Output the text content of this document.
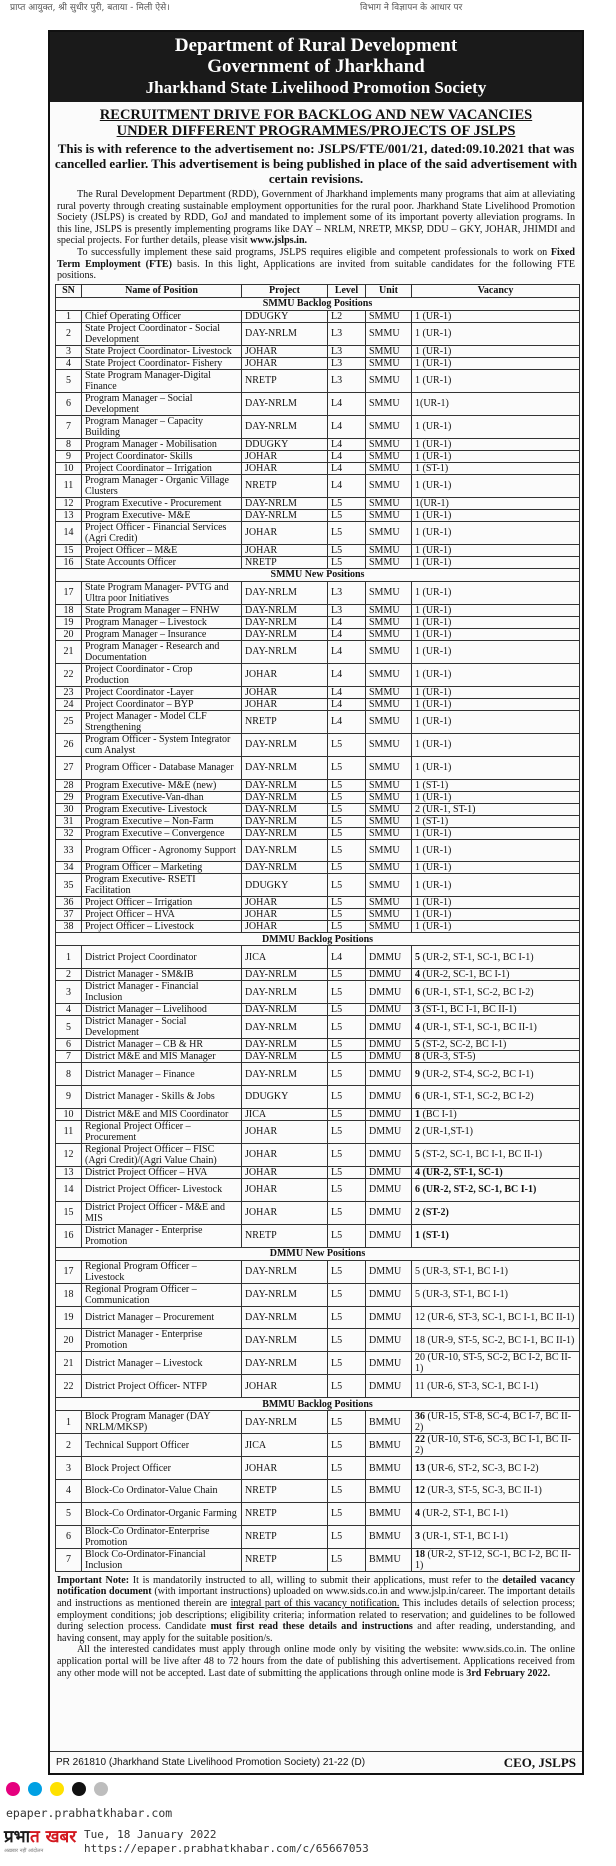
प्राप्त आयुक्त, श्री सुधीर पुरी, बताया - मिली ऐसे।	विभाग ने विज्ञापन के आधार पर
Department of Rural Development
Government of Jharkhand
Jharkhand State Livelihood Promotion Society
RECRUITMENT DRIVE FOR BACKLOG AND NEW VACANCIES
UNDER DIFFERENT PROGRAMMES/PROJECTS OF JSLPS
This is with reference to the advertisement no: JSLPS/FTE/001/21, dated:09.10.2021 that was cancelled earlier. This advertisement is being published in place of the said advertisement with certain revisions.

The Rural Development Department (RDD), Government of Jharkhand implements many programs that aim at alleviating rural poverty through creating sustainable employment opportunities for the rural poor. Jharkhand State Livelihood Promotion Society (JSLPS) is created by RDD, GoJ and mandated to implement some of its important poverty alleviation programs. In this line, JSLPS is presently implementing programs like DAY – NRLM, NRETP, MKSP, DDU – GKY, JOHAR, JHIMDI and special projects. For further details, please visit www.jslps.in.

To successfully implement these said programs, JSLPS requires eligible and competent professionals to work on Fixed Term Employment (FTE) basis. In this light, Applications are invited from suitable candidates for the following FTE positions.

SN	Name of Position	Project	Level	Unit	Vacancy
SMMU Backlog Positions					
1	Chief Operating Officer	DDUGKY	L2	SMMU	1 (UR-1)
2	State Project Coordinator - Social Development	DAY-NRLM	L3	SMMU	1 (UR-1)
3	State Project Coordinator- Livestock	JOHAR	L3	SMMU	1 (UR-1)
4	State Project Coordinator- Fishery	JOHAR	L3	SMMU	1 (UR-1)
5	State Program Manager-Digital Finance	NRETP	L3	SMMU	1 (UR-1)
6	Program Manager – Social Development	DAY-NRLM	L4	SMMU	1(UR-1)
7	Program Manager – Capacity Building	DAY-NRLM	L4	SMMU	1 (UR-1)
8	Program Manager - Mobilisation	DDUGKY	L4	SMMU	1 (UR-1)
9	Project Coordinator- Skills	JOHAR	L4	SMMU	1 (UR-1)
10	Project Coordinator – Irrigation	JOHAR	L4	SMMU	1 (ST-1)
11	Program Manager - Organic Village Clusters	NRETP	L4	SMMU	1 (UR-1)
12	Program Executive - Procurement	DAY-NRLM	L5	SMMU	1(UR-1)
13	Program Executive- M&E	DAY-NRLM	L5	SMMU	1 (UR-1)
14	Project Officer - Financial Services (Agri Credit)	JOHAR	L5	SMMU	1 (UR-1)
15	Project Officer – M&E	JOHAR	L5	SMMU	1 (UR-1)
16	State Accounts Officer	NRETP	L5	SMMU	1 (UR-1)
SMMU New Positions					
17	State Program Manager- PVTG and Ultra poor Initiatives	DAY-NRLM	L3	SMMU	1 (UR-1)
18	State Program Manager – FNHW	DAY-NRLM	L3	SMMU	1 (UR-1)
19	Program Manager – Livestock	DAY-NRLM	L4	SMMU	1 (UR-1)
20	Program Manager – Insurance	DAY-NRLM	L4	SMMU	1 (UR-1)
21	Program Manager - Research and Documentation	DAY-NRLM	L4	SMMU	1 (UR-1)
22	Project Coordinator - Crop Production	JOHAR	L4	SMMU	1 (UR-1)
23	Project Coordinator -Layer	JOHAR	L4	SMMU	1 (UR-1)
24	Project Coordinator – BYP	JOHAR	L4	SMMU	1 (UR-1)
25	Project Manager - Model CLF Strengthening	NRETP	L4	SMMU	1 (UR-1)
26	Program Officer - System Integrator cum Analyst	DAY-NRLM	L5	SMMU	1 (UR-1)
27	Program Officer - Database Manager	DAY-NRLM	L5	SMMU	1 (UR-1)
28	Program Executive- M&E (new)	DAY-NRLM	L5	SMMU	1 (ST-1)
29	Program Executive-Van-dhan	DAY-NRLM	L5	SMMU	1 (UR-1)
30	Program Executive- Livestock	DAY-NRLM	L5	SMMU	2 (UR-1, ST-1)
31	Program Executive – Non-Farm	DAY-NRLM	L5	SMMU	1 (ST-1)
32	Program Executive – Convergence	DAY-NRLM	L5	SMMU	1 (UR-1)
33	Program Officer - Agronomy Support	DAY-NRLM	L5	SMMU	1 (UR-1)
34	Program Officer – Marketing	DAY-NRLM	L5	SMMU	1 (UR-1)
35	Program Executive- RSETI Facilitation	DDUGKY	L5	SMMU	1 (UR-1)
36	Project Officer – Irrigation	JOHAR	L5	SMMU	1 (UR-1)
37	Project Officer – HVA	JOHAR	L5	SMMU	1 (UR-1)
38	Project Officer – Livestock	JOHAR	L5	SMMU	1 (UR-1)
DMMU Backlog Positions					
1	District Project Coordinator	JICA	L4	DMMU	5 (UR-2, ST-1, SC-1, BC I-1)
2	District Manager - SM&IB	DAY-NRLM	L5	DMMU	4 (UR-2, SC-1, BC I-1)
3	District Manager - Financial Inclusion	DAY-NRLM	L5	DMMU	6 (UR-1, ST-1, SC-2, BC I-2)
4	District Manager – Livelihood	DAY-NRLM	L5	DMMU	3 (ST-1, BC I-1, BC II-1)
5	District Manager - Social Development	DAY-NRLM	L5	DMMU	4 (UR-1, ST-1, SC-1, BC II-1)
6	District Manager – CB & HR	DAY-NRLM	L5	DMMU	5 (ST-2, SC-2, BC I-1)
7	District M&E and MIS Manager	DAY-NRLM	L5	DMMU	8 (UR-3, ST-5)
8	District Manager – Finance	DAY-NRLM	L5	DMMU	9 (UR-2, ST-4, SC-2, BC I-1)
9	District Manager - Skills & Jobs	DDUGKY	L5	DMMU	6 (UR-1, ST-1, SC-2, BC I-2)
10	District M&E and MIS Coordinator	JICA	L5	DMMU	1 (BC I-1)
11	Regional Project Officer – Procurement	JOHAR	L5	DMMU	2 (UR-1,ST-1)
12	Regional Project Officer – FISC (Agri Credit)/(Agri Value Chain)	JOHAR	L5	DMMU	5 (ST-2, SC-1, BC I-1, BC II-1)
13	District Project Officer – HVA	JOHAR	L5	DMMU	4 (UR-2, ST-1, SC-1)
14	District Project Officer- Livestock	JOHAR	L5	DMMU	6 (UR-2, ST-2, SC-1, BC I-1)
15	District Project Officer - M&E and MIS	JOHAR	L5	DMMU	2 (ST-2)
16	District Manager - Enterprise Promotion	NRETP	L5	DMMU	1 (ST-1)
DMMU New Positions					
17	Regional Program Officer – Livestock	DAY-NRLM	L5	DMMU	5 (UR-3, ST-1, BC I-1)
18	Regional Program Officer – Communication	DAY-NRLM	L5	DMMU	5 (UR-3, ST-1, BC I-1)
19	District Manager – Procurement	DAY-NRLM	L5	DMMU	12 (UR-6, ST-3, SC-1, BC I-1, BC II-1)
20	District Manager - Enterprise Promotion	DAY-NRLM	L5	DMMU	18 (UR-9, ST-5, SC-2, BC I-1, BC II-1)
21	District Manager – Livestock	DAY-NRLM	L5	DMMU	20 (UR-10, ST-5, SC-2, BC I-2, BC II-1)
22	District Project Officer- NTFP	JOHAR	L5	DMMU	11 (UR-6, ST-3, SC-1, BC I-1)
BMMU Backlog Positions					
1	Block Program Manager (DAY NRLM/MKSP)	DAY-NRLM	L5	BMMU	36 (UR-15, ST-8, SC-4, BC I-7, BC II-2)
2	Technical Support Officer	JICA	L5	BMMU	22 (UR-10, ST-6, SC-3, BC I-1, BC II-2)
3	Block Project Officer	JOHAR	L5	BMMU	13 (UR-6, ST-2, SC-3, BC I-2)
4	Block-Co Ordinator-Value Chain	NRETP	L5	BMMU	12 (UR-3, ST-5, SC-3, BC II-1)
5	Block-Co Ordinator-Organic Farming	NRETP	L5	BMMU	4 (UR-2, ST-1, BC I-1)
6	Block-Co Ordinator-Enterprise Promotion	NRETP	L5	BMMU	3 (UR-1, ST-1, BC I-1)
7	Block Co-Ordinator-Financial Inclusion	NRETP	L5	BMMU	18 (UR-2, ST-12, SC-1, BC I-2, BC II-1)

Important Note: It is mandatorily instructed to all, willing to submit their applications, must refer to the detailed vacancy notification document (with important instructions) uploaded on www.sids.co.in and www.jslp.in/career. The important details and instructions as mentioned therein are integral part of this vacancy notification. This includes details of selection process; employment conditions; job descriptions; eligibility criteria; information related to reservation; and guidelines to be followed during selection process. Candidate must first read these details and instructions and after reading, understanding, and having consent, may apply for the suitable position/s.

All the interested candidates must apply through online mode only by visiting the website: www.sids.co.in. The online application portal will be live after 48 to 72 hours from the date of publishing this advertisement. Applications received from any other mode will not be accepted. Last date of submitting the applications through online mode is 3rd February 2022.

PR 261810 (Jharkhand State Livelihood Promotion Society) 21-22 (D)	CEO, JSLPS
epaper.prabhatkhabar.com
प्रभात खबर
अख़बार नहीं आंदोलन
Tue, 18 January 2022
https://epaper.prabhatkhabar.com/c/65667053
